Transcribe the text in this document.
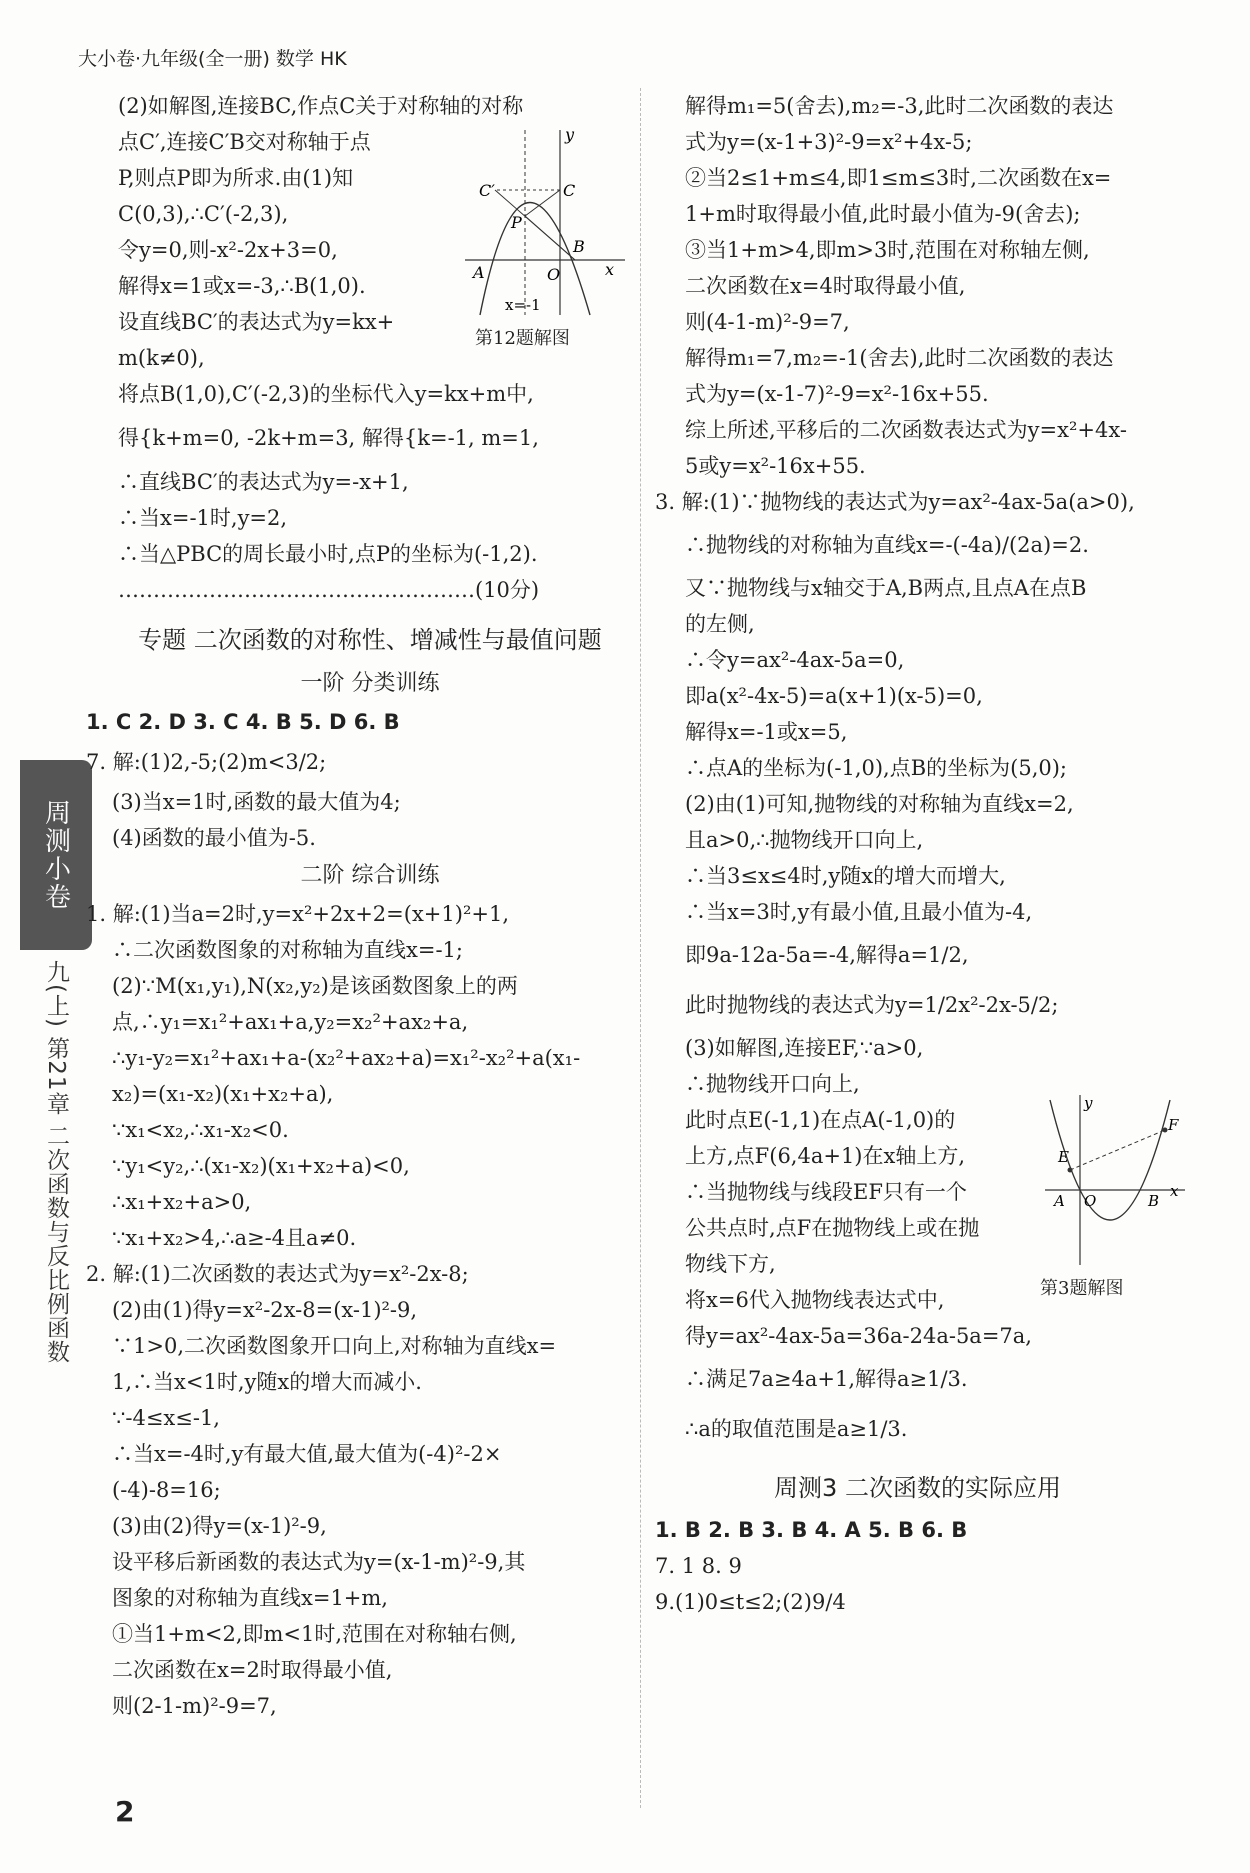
大小卷·九年级(全一册) 数学 HK
周测小卷
九(上) 第21章 二次函数与反比例函数

(2)如解图,连接BC,作点C关于对称轴的对称

点C′,连接C′B交对称轴于点

P,则点P即为所求.由(1)知

C(0,3),∴C′(-2,3),

令y=0,则-x²-2x+3=0,

解得x=1或x=-3,∴B(1,0).

设直线BC′的表达式为y=kx+

m(k≠0),

将点B(1,0),C′(-2,3)的坐标代入y=kx+m中,

得{k+m=0, -2k+m=3, 解得{k=-1, m=1,

∴直线BC′的表达式为y=-x+1,

∴当x=-1时,y=2,

∴当△PBC的周长最小时,点P的坐标为(-1,2).

……………………………………………(10分)

专题 二次函数的对称性、增减性与最值问题

一阶 分类训练

1. C 2. D 3. C 4. B 5. D 6. B

7. 解:(1)2,-5;(2)m<3/2;

(3)当x=1时,函数的最大值为4;

(4)函数的最小值为-5.

二阶 综合训练

1. 解:(1)当a=2时,y=x²+2x+2=(x+1)²+1,

∴二次函数图象的对称轴为直线x=-1;

(2)∵M(x₁,y₁),N(x₂,y₂)是该函数图象上的两

点,∴y₁=x₁²+ax₁+a,y₂=x₂²+ax₂+a,

∴y₁-y₂=x₁²+ax₁+a-(x₂²+ax₂+a)=x₁²-x₂²+a(x₁-

x₂)=(x₁-x₂)(x₁+x₂+a),

∵x₁<x₂,∴x₁-x₂<0.

∵y₁<y₂,∴(x₁-x₂)(x₁+x₂+a)<0,

∴x₁+x₂+a>0,

∵x₁+x₂>4,∴a≥-4且a≠0.

2. 解:(1)二次函数的表达式为y=x²-2x-8;

(2)由(1)得y=x²-2x-8=(x-1)²-9,

∵1>0,二次函数图象开口向上,对称轴为直线x=

1,∴当x<1时,y随x的增大而减小.

∵-4≤x≤-1,

∴当x=-4时,y有最大值,最大值为(-4)²-2×

(-4)-8=16;

(3)由(2)得y=(x-1)²-9,

设平移后新函数的表达式为y=(x-1-m)²-9,其

图象的对称轴为直线x=1+m,

①当1+m<2,即m<1时,范围在对称轴右侧,

二次函数在x=2时取得最小值,

则(2-1-m)²-9=7,

x
y
A
B
C
C′
P
O
x=-1
第12题解图

解得m₁=5(舍去),m₂=-3,此时二次函数的表达

式为y=(x-1+3)²-9=x²+4x-5;

②当2≤1+m≤4,即1≤m≤3时,二次函数在x=

1+m时取得最小值,此时最小值为-9(舍去);

③当1+m>4,即m>3时,范围在对称轴左侧,

二次函数在x=4时取得最小值,

则(4-1-m)²-9=7,

解得m₁=7,m₂=-1(舍去),此时二次函数的表达

式为y=(x-1-7)²-9=x²-16x+55.

综上所述,平移后的二次函数表达式为y=x²+4x-

5或y=x²-16x+55.

3. 解:(1)∵抛物线的表达式为y=ax²-4ax-5a(a>0),

∴抛物线的对称轴为直线x=-(-4a)/(2a)=2.

又∵抛物线与x轴交于A,B两点,且点A在点B

的左侧,

∴令y=ax²-4ax-5a=0,

即a(x²-4x-5)=a(x+1)(x-5)=0,

解得x=-1或x=5,

∴点A的坐标为(-1,0),点B的坐标为(5,0);

(2)由(1)可知,抛物线的对称轴为直线x=2,

且a>0,∴抛物线开口向上,

∴当3≤x≤4时,y随x的增大而增大,

∴当x=3时,y有最小值,且最小值为-4,

即9a-12a-5a=-4,解得a=1/2,

此时抛物线的表达式为y=1/2x²-2x-5/2;

(3)如解图,连接EF,∵a>0,

∴抛物线开口向上,

此时点E(-1,1)在点A(-1,0)的

上方,点F(6,4a+1)在x轴上方,

∴当抛物线与线段EF只有一个

公共点时,点F在抛物线上或在抛

物线下方,

将x=6代入抛物线表达式中,

得y=ax²-4ax-5a=36a-24a-5a=7a,

∴满足7a≥4a+1,解得a≥1/3.

∴a的取值范围是a≥1/3.

周测3 二次函数的实际应用

1. B 2. B 3. B 4. A 5. B 6. B

7. 1 8. 9

9.(1)0≤t≤2;(2)9/4

x
y
A O	B
E
F
第3题解图
2
